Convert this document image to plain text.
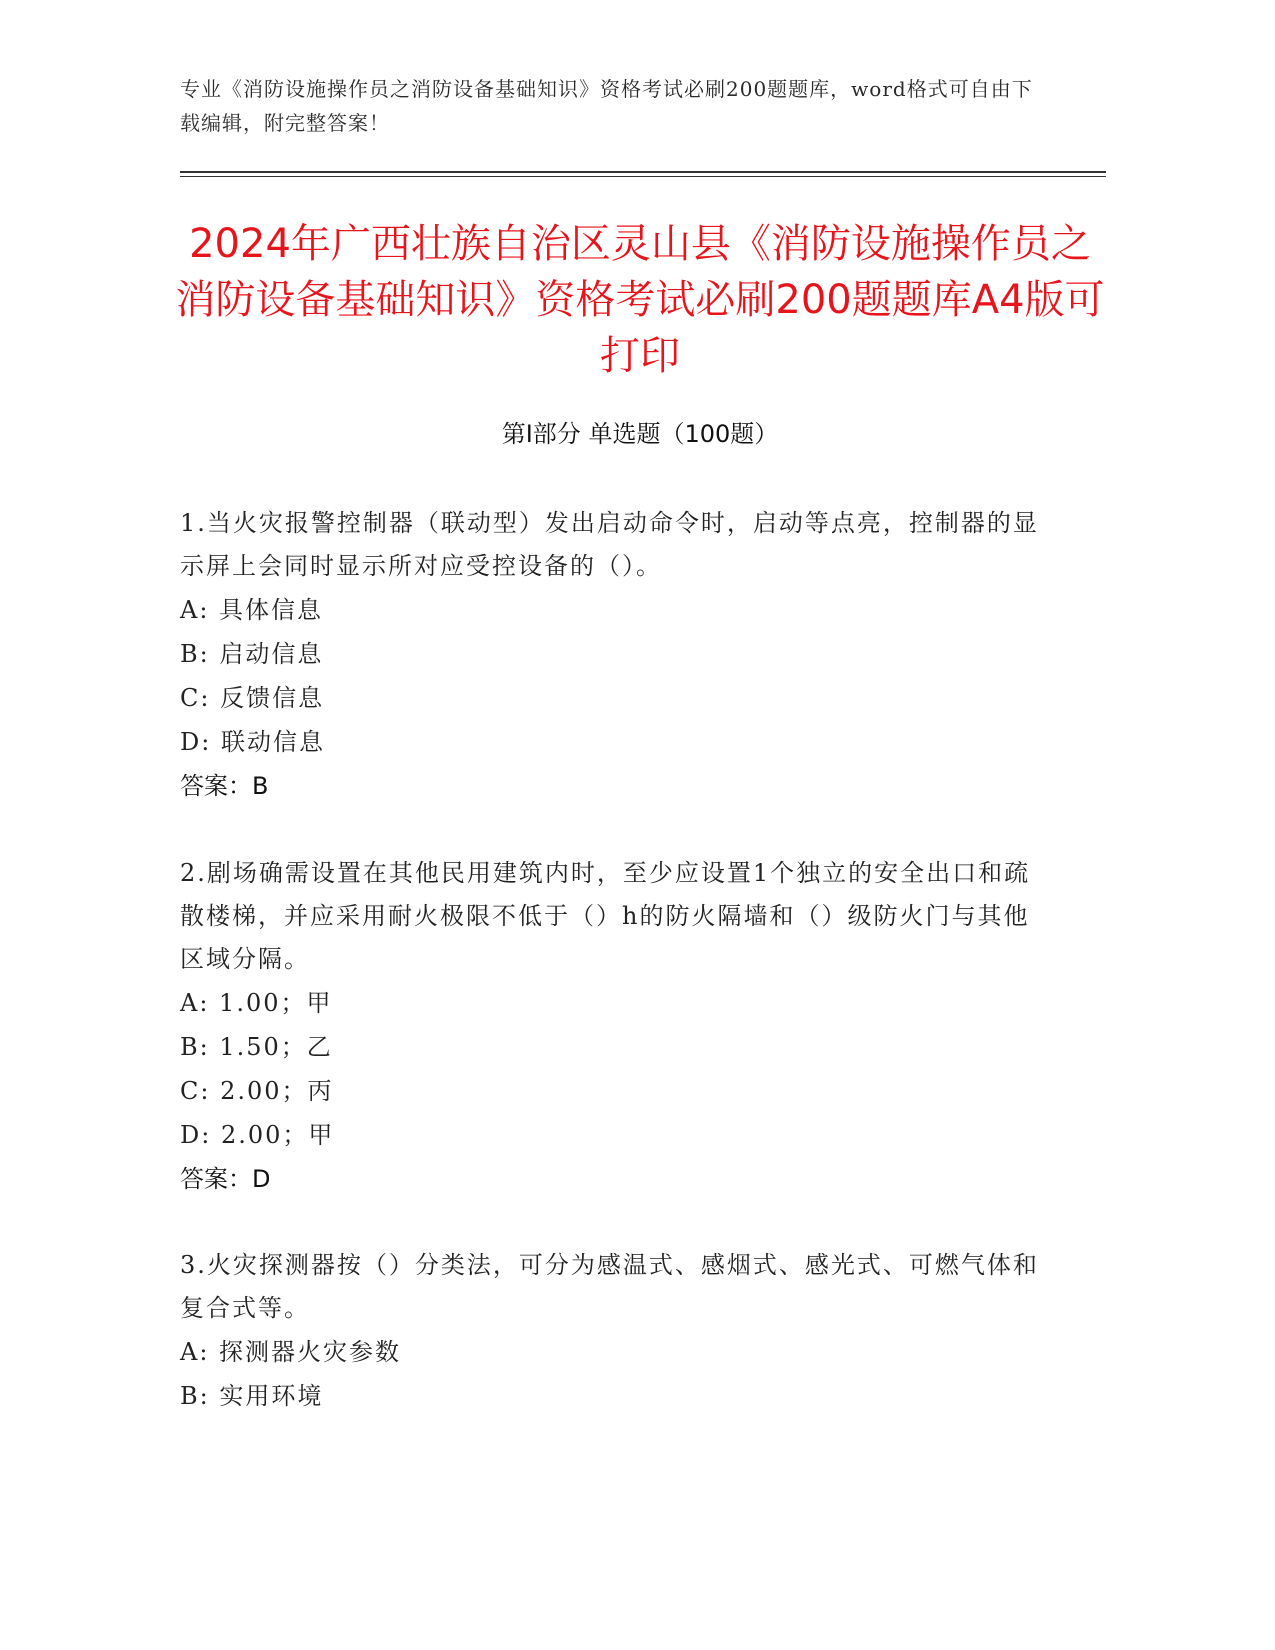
专业《消防设施操作员之消防设备基础知识》资格考试必刷200题题库，word格式可自由下载编辑，附完整答案！
2024年广西壮族自治区灵山县《消防设施操作员之消防设备基础知识》资格考试必刷200题题库A4版可打印
第Ⅰ部分 单选题（100题）

1.当火灾报警控制器（联动型）发出启动命令时，启动等点亮，控制器的显示屏上会同时显示所对应受控设备的（）。

A: 具体信息

B: 启动信息

C: 反馈信息

D: 联动信息

答案：B

2.剧场确需设置在其他民用建筑内时，至少应设置1个独立的安全出口和疏散楼梯，并应采用耐火极限不低于（）h的防火隔墙和（）级防火门与其他区域分隔。

A: 1.00；甲

B: 1.50；乙

C: 2.00；丙

D: 2.00；甲

答案：D

3.火灾探测器按（）分类法，可分为感温式、感烟式、感光式、可燃气体和复合式等。

A: 探测器火灾参数

B: 实用环境
